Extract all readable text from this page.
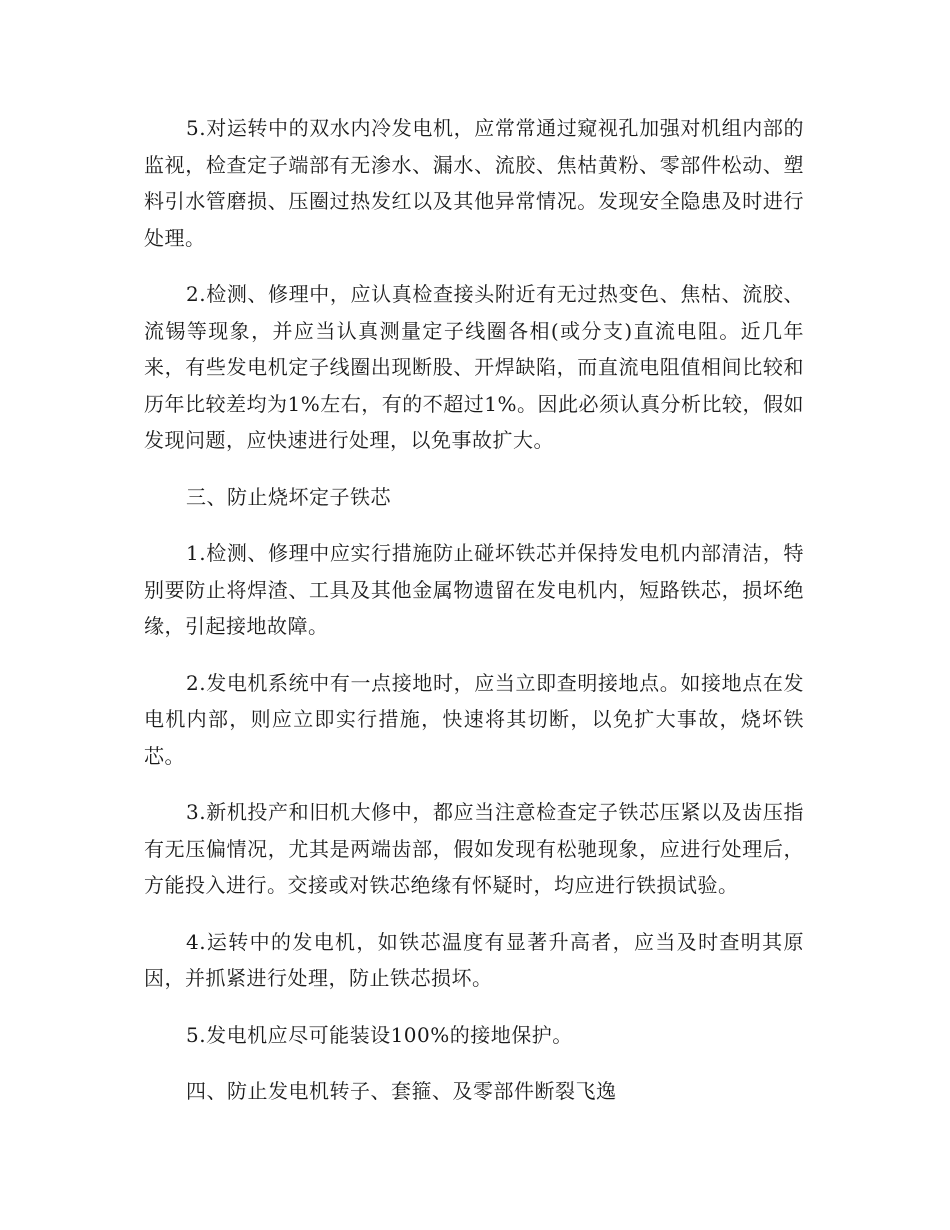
5.对运转中的双水内冷发电机，应常常通过窥视孔加强对机组内部的监视，检查定子端部有无渗水、漏水、流胶、焦枯黄粉、零部件松动、塑料引水管磨损、压圈过热发红以及其他异常情况。发现安全隐患及时进行处理。

2.检测、修理中，应认真检查接头附近有无过热变色、焦枯、流胶、流锡等现象，并应当认真测量定子线圈各相(或分支)直流电阻。近几年来，有些发电机定子线圈出现断股、开焊缺陷，而直流电阻值相间比较和历年比较差均为1%左右，有的不超过1%。因此必须认真分析比较，假如发现问题，应快速进行处理，以免事故扩大。

三、防止烧坏定子铁芯

1.检测、修理中应实行措施防止碰坏铁芯并保持发电机内部清洁，特别要防止将焊渣、工具及其他金属物遗留在发电机内，短路铁芯，损坏绝缘，引起接地故障。

2.发电机系统中有一点接地时，应当立即查明接地点。如接地点在发电机内部，则应立即实行措施，快速将其切断，以免扩大事故，烧坏铁芯。

3.新机投产和旧机大修中，都应当注意检查定子铁芯压紧以及齿压指有无压偏情况，尤其是两端齿部，假如发现有松驰现象，应进行处理后，方能投入进行。交接或对铁芯绝缘有怀疑时，均应进行铁损试验。

4.运转中的发电机，如铁芯温度有显著升高者，应当及时查明其原因，并抓紧进行处理，防止铁芯损坏。

5.发电机应尽可能装设100%的接地保护。

四、防止发电机转子、套箍、及零部件断裂飞逸
